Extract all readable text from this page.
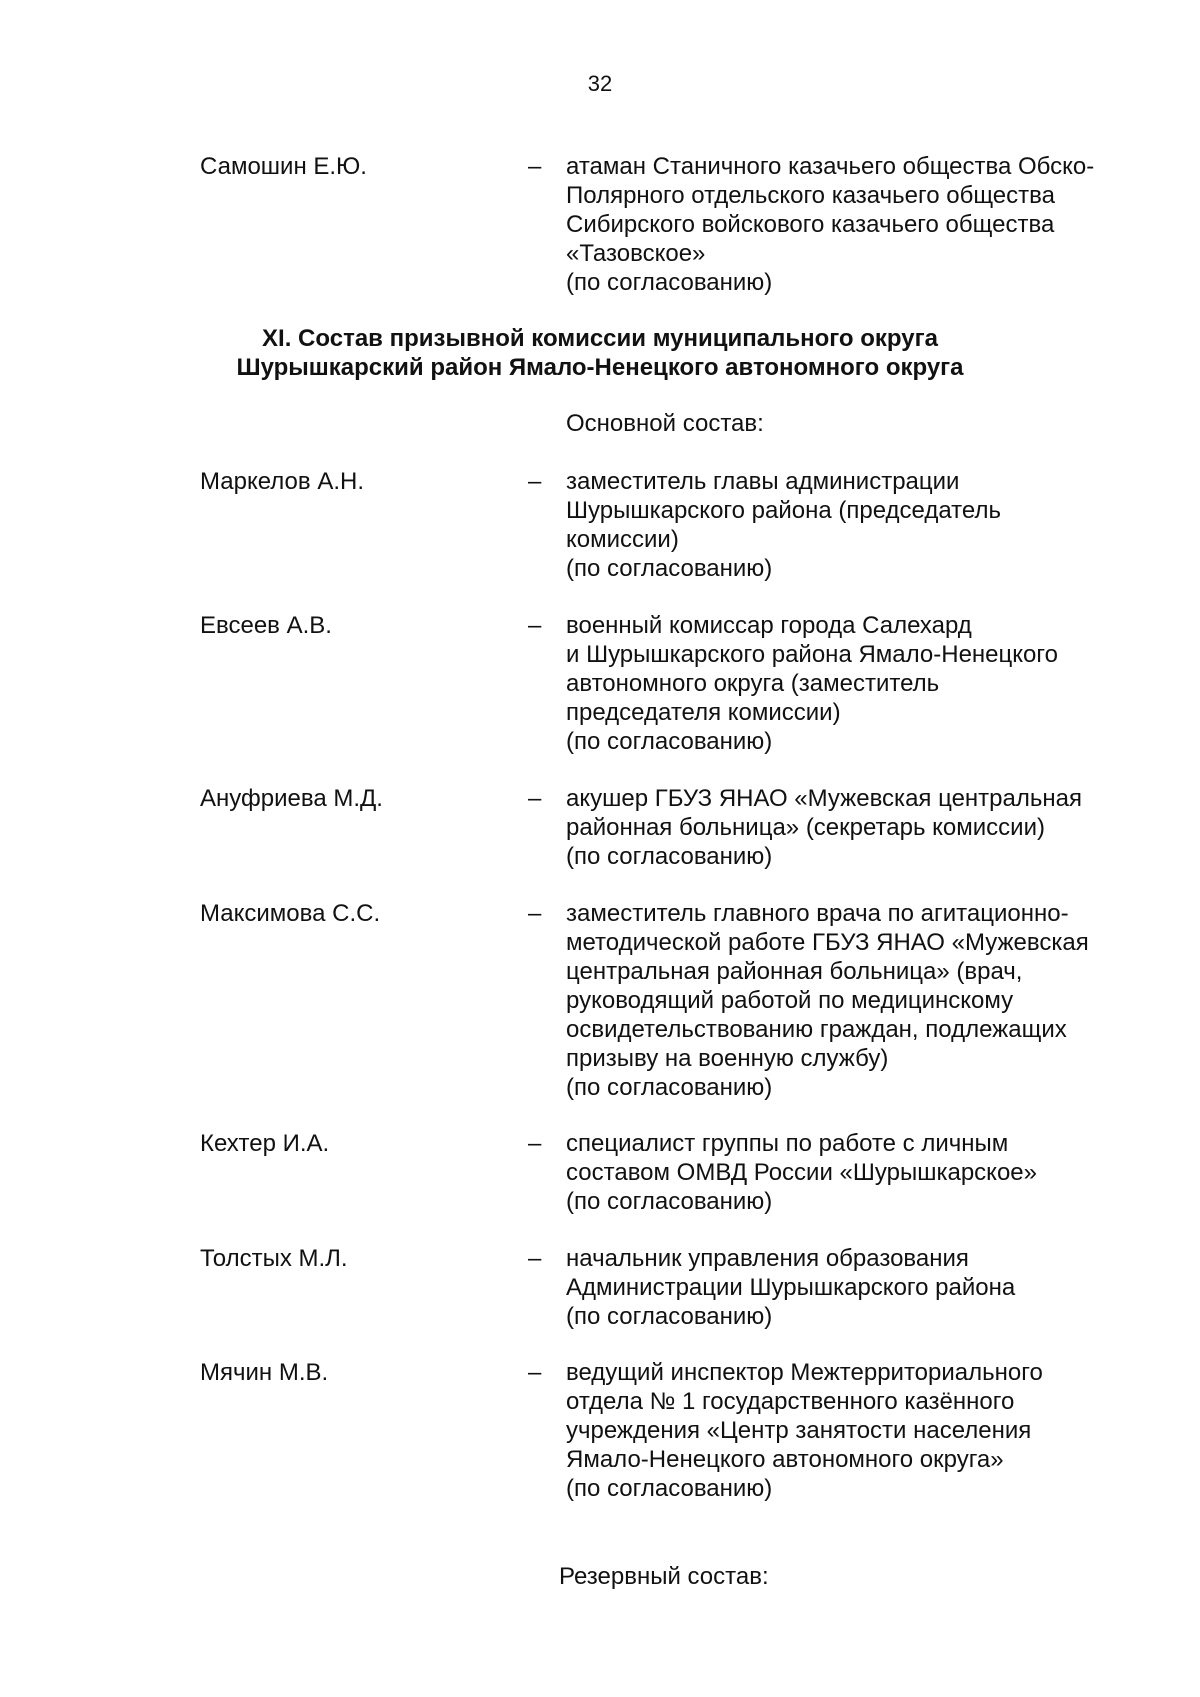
32
Самошин Е.Ю.	– атаман Станичного казачьего общества Обско-
Полярного отдельского казачьего общества
Сибирского войскового казачьего общества
«Тазовское»
(по согласованию)
XI. Состав призывной комиссии муниципального округа
Шурышкарский район Ямало-Ненецкого автономного округа
Основной состав:
Маркелов А.Н.	– заместитель главы администрации
Шурышкарского района (председатель
комиссии)
(по согласованию)
Евсеев А.В.	– военный комиссар города Салехард
и Шурышкарского района Ямало-Ненецкого
автономного округа (заместитель
председателя комиссии)
(по согласованию)
Ануфриева М.Д.	– акушер ГБУЗ ЯНАО «Мужевская центральная
районная больница» (секретарь комиссии)
(по согласованию)
Максимова С.С.	– заместитель главного врача по агитационно-
методической работе ГБУЗ ЯНАО «Мужевская
центральная районная больница» (врач,
руководящий работой по медицинскому
освидетельствованию граждан, подлежащих
призыву на военную службу)
(по согласованию)
Кехтер И.А.	– специалист группы по работе с личным
составом ОМВД России «Шурышкарское»
(по согласованию)
Толстых М.Л.	– начальник управления образования
Администрации Шурышкарского района
(по согласованию)
Мячин М.В.	– ведущий инспектор Межтерриториального
отдела № 1 государственного казённого
учреждения «Центр занятости населения
Ямало-Ненецкого автономного округа»
(по согласованию)
Резервный состав:
